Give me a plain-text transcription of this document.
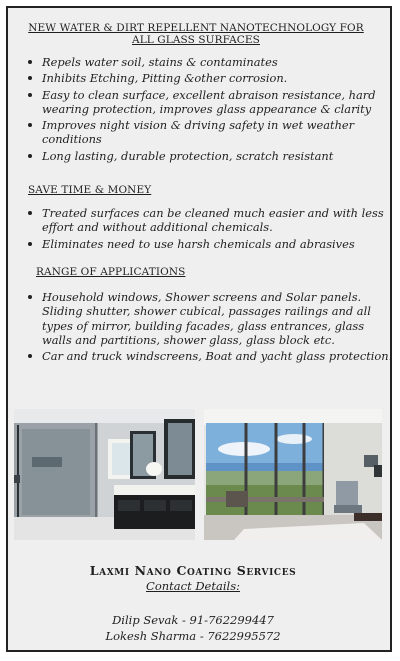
NEW WATER & DIRT REPELLENT NANOTECHNOLOGY FOR ALL GLASS SURFACES
Repels water soil, stains & contaminates
Inhibits Etching, Pitting &other corrosion.
Easy to clean surface, excellent abraison resistance, hard wearing protection, improves glass appearance & clarity
Improves night vision & driving safety in wet weather conditions
Long lasting, durable protection, scratch resistant
SAVE TIME & MONEY
Treated surfaces can be cleaned much easier and with less effort and without additional chemicals.
Eliminates need to use harsh chemicals and abrasives
RANGE OF APPLICATIONS
Household windows, Shower screens and Solar panels. Sliding shutter, shower cubical, passages railings and all types of mirror, building facades, glass entrances, glass walls and partitions, shower glass, glass block etc.
Car and truck windscreens, Boat and yacht glass protection.
Laxmi Nano Coating Services
Contact Details:
Dilip Sevak - 91-762299447
Lokesh Sharma - 7622995572
